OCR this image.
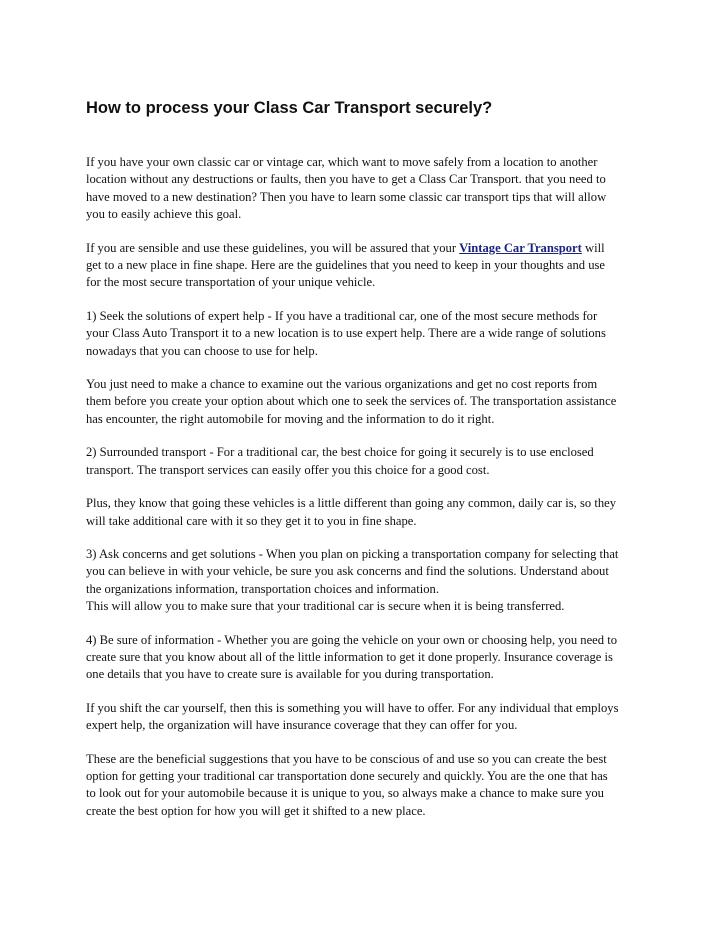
How to process your Class Car Transport securely?

If you have your own classic car or vintage car, which want to move safely from a location to another
location without any destructions or faults, then you have to get a Class Car Transport. that you need to
have moved to a new destination? Then you have to learn some classic car transport tips that will allow
you to easily achieve this goal.

If you are sensible and use these guidelines, you will be assured that your Vintage Car Transport will
get to a new place in fine shape. Here are the guidelines that you need to keep in your thoughts and use
for the most secure transportation of your unique vehicle.

1) Seek the solutions of expert help - If you have a traditional car, one of the most secure methods for
your Class Auto Transport it to a new location is to use expert help. There are a wide range of solutions
nowadays that you can choose to use for help.

You just need to make a chance to examine out the various organizations and get no cost reports from
them before you create your option about which one to seek the services of. The transportation assistance
has encounter, the right automobile for moving and the information to do it right.

2) Surrounded transport - For a traditional car, the best choice for going it securely is to use enclosed
transport. The transport services can easily offer you this choice for a good cost.

Plus, they know that going these vehicles is a little different than going any common, daily car is, so they
will take additional care with it so they get it to you in fine shape.

3) Ask concerns and get solutions - When you plan on picking a transportation company for selecting that
you can believe in with your vehicle, be sure you ask concerns and find the solutions. Understand about
the organizations information, transportation choices and information.
This will allow you to make sure that your traditional car is secure when it is being transferred.

4) Be sure of information - Whether you are going the vehicle on your own or choosing help, you need to
create sure that you know about all of the little information to get it done properly. Insurance coverage is
one details that you have to create sure is available for you during transportation.

If you shift the car yourself, then this is something you will have to offer. For any individual that employs
expert help, the organization will have insurance coverage that they can offer for you.

These are the beneficial suggestions that you have to be conscious of and use so you can create the best
option for getting your traditional car transportation done securely and quickly. You are the one that has
to look out for your automobile because it is unique to you, so always make a chance to make sure you
create the best option for how you will get it shifted to a new place.
